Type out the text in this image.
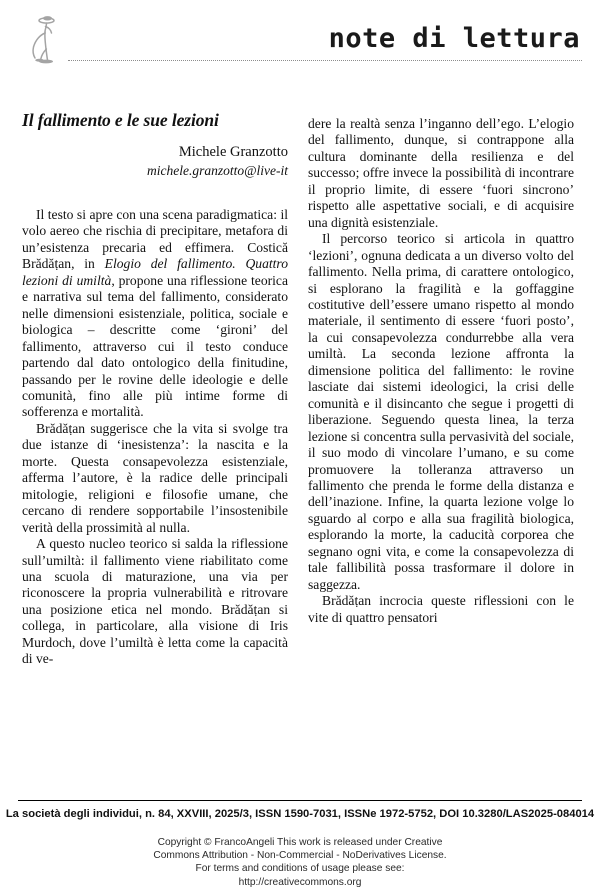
note di lettura
Il fallimento e le sue lezioni
Michele Granzotto
michele.granzotto@live-it

Il testo si apre con una scena paradigmatica: il volo aereo che rischia di precipitare, metafora di un’esistenza precaria ed effimera. Costică Brădăṭan, in Elogio del fallimento. Quattro lezioni di umiltà, propone una riflessione teorica e narrativa sul tema del fallimento, considerato nelle dimensioni esistenziale, politica, sociale e biologica – descritte come ‘gironi’ del fallimento, attraverso cui il testo conduce partendo dal dato ontologico della finitudine, passando per le rovine delle ideologie e delle comunità, fino alle più intime forme di sofferenza e mortalità.

Brădăṭan suggerisce che la vita si svolge tra due istanze di ‘inesistenza’: la nascita e la morte. Questa consapevolezza esistenziale, afferma l’autore, è la radice delle principali mitologie, religioni e filosofie umane, che cercano di rendere sopportabile l’insostenibile verità della prossimità al nulla.

A questo nucleo teorico si salda la riflessione sull’umiltà: il fallimento viene riabilitato come una scuola di maturazione, una via per riconoscere la propria vulnerabilità e ritrovare una posizione etica nel mondo. Brădăṭan si collega, in particolare, alla visione di Iris Murdoch, dove l’umiltà è letta come la capacità di ve-

dere la realtà senza l’inganno dell’ego. L’elogio del fallimento, dunque, si contrappone alla cultura dominante della resilienza e del successo; offre invece la possibilità di incontrare il proprio limite, di essere ‘fuori sincrono’ rispetto alle aspettative sociali, e di acquisire una dignità esistenziale.

Il percorso teorico si articola in quattro ‘lezioni’, ognuna dedicata a un diverso volto del fallimento. Nella prima, di carattere ontologico, si esplorano la fragilità e la goffaggine costitutive dell’essere umano rispetto al mondo materiale, il sentimento di essere ‘fuori posto’, la cui consapevolezza condurrebbe alla vera umiltà. La seconda lezione affronta la dimensione politica del fallimento: le rovine lasciate dai sistemi ideologici, la crisi delle comunità e il disincanto che segue i progetti di liberazione. Seguendo questa linea, la terza lezione si concentra sulla pervasività del sociale, il suo modo di vincolare l’umano, e su come promuovere la tolleranza attraverso un fallimento che prenda le forme della distanza e dell’inazione. Infine, la quarta lezione volge lo sguardo al corpo e alla sua fragilità biologica, esplorando la morte, la caducità corporea che segnano ogni vita, e come la consapevolezza di tale fallibilità possa trasformare il dolore in saggezza.

Brădăṭan incrocia queste riflessioni con le vite di quattro pensatori

La società degli individui, n. 84, XXVIII, 2025/3, ISSN 1590-7031, ISSNe 1972-5752, DOI 10.3280/LAS2025-084014
Copyright © FrancoAngeli This work is released under Creative
Commons Attribution - Non-Commercial - NoDerivatives License.
For terms and conditions of usage please see:
http://creativecommons.org
